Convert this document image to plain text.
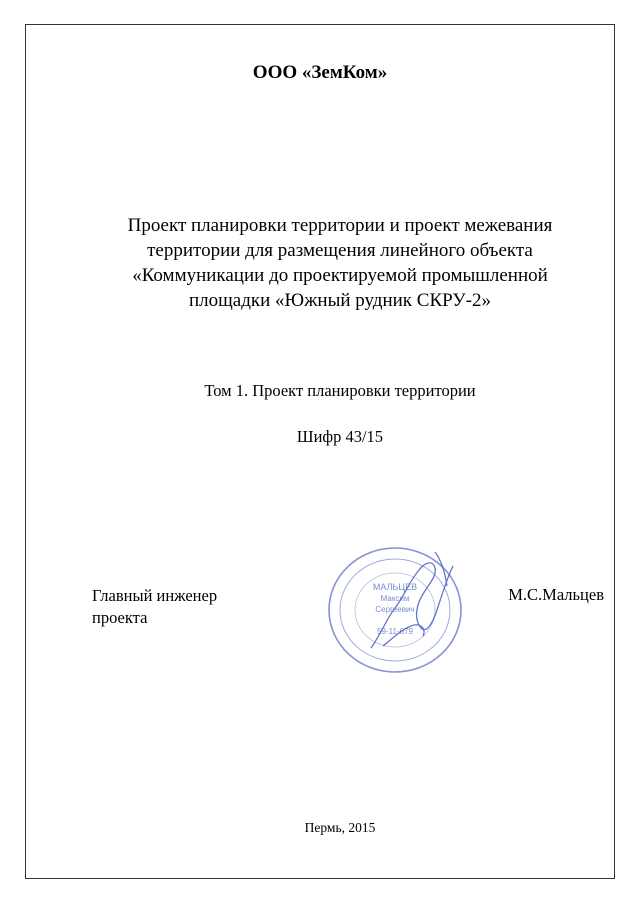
ООО «ЗемКом»
Проект планировки территории и проект межевания
территории для размещения линейного объекта
«Коммуникации до проектируемой промышленной
площадки «Южный рудник СКРУ-2»
Том 1. Проект планировки территории
Шифр 43/15
Главный инженер
проекта
МАЛЬЦЕВ
Максим
Сергеевич
59-11-679
М.С.Мальцев
Пермь, 2015
